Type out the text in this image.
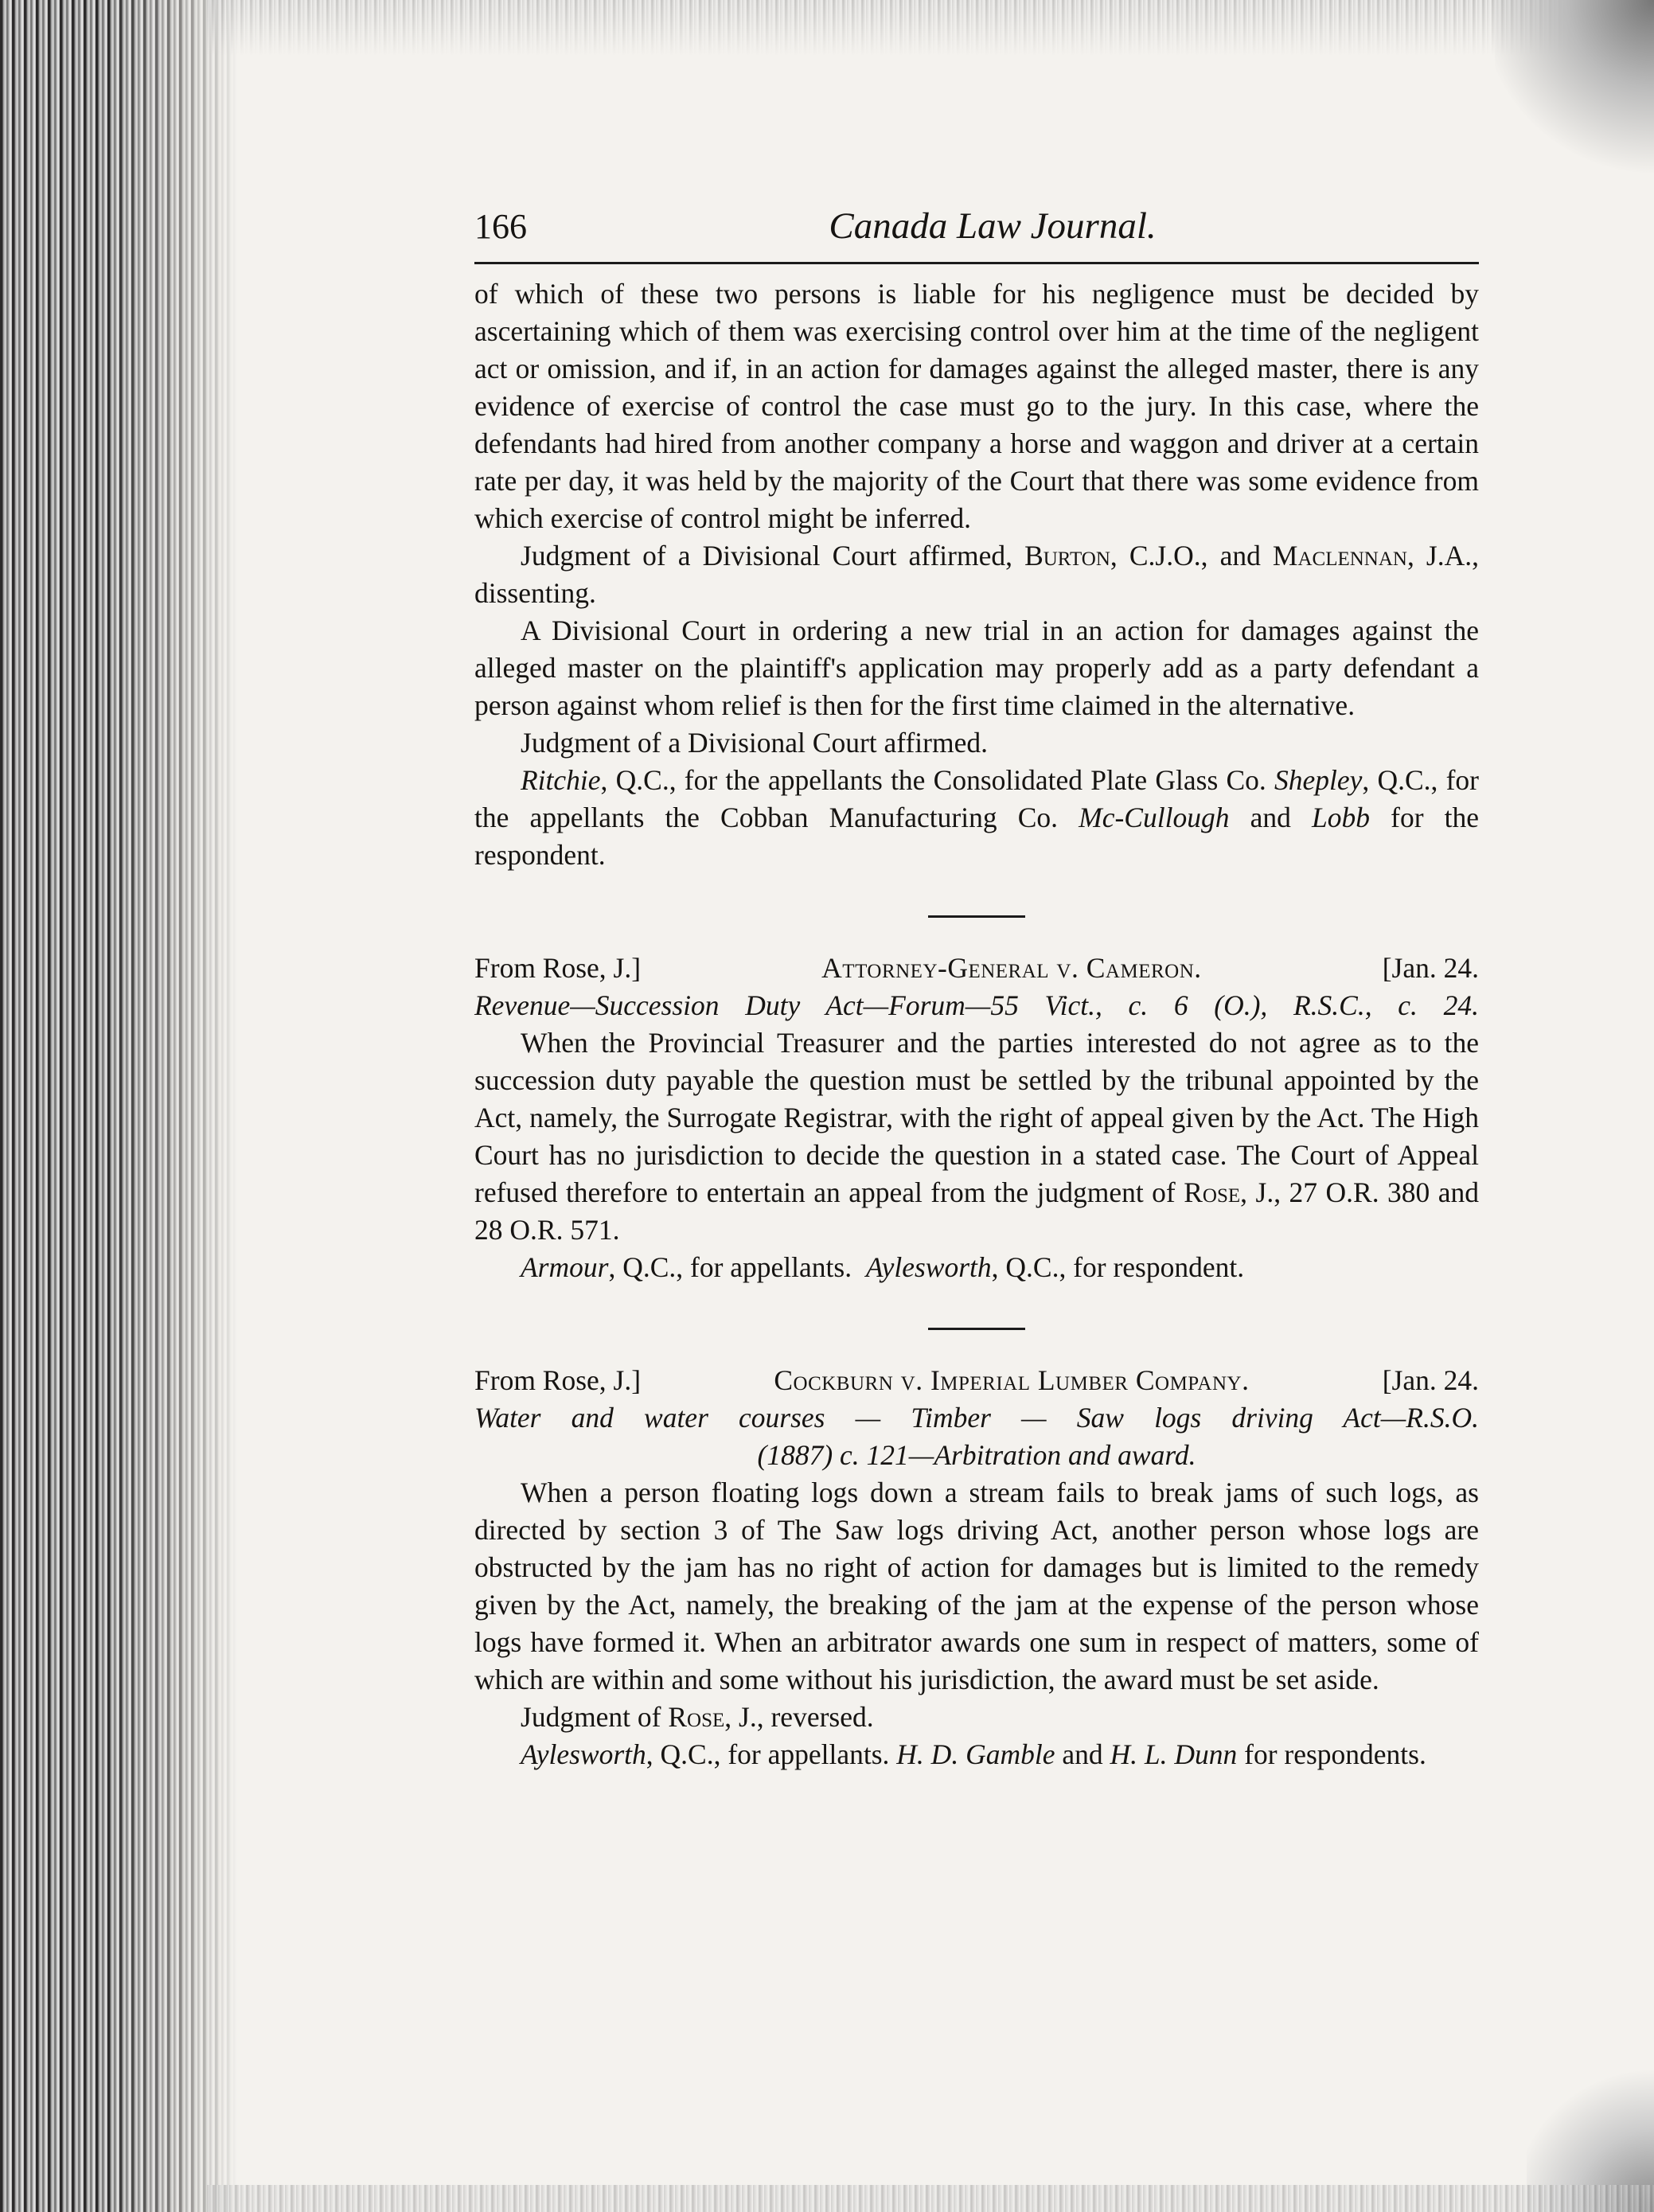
166	Canada Law Journal.

of which of these two persons is liable for his negligence must be decided by ascertaining which of them was exercising control over him at the time of the negligent act or omission, and if, in an action for damages against the alleged master, there is any evidence of exercise of control the case must go to the jury. In this case, where the defendants had hired from another company a horse and waggon and driver at a certain rate per day, it was held by the majority of the Court that there was some evidence from which exercise of control might be inferred.

Judgment of a Divisional Court affirmed, Burton, C.J.O., and Maclennan, J.A., dissenting.

A Divisional Court in ordering a new trial in an action for damages against the alleged master on the plaintiff's application may properly add as a party defendant a person against whom relief is then for the first time claimed in the alternative.

Judgment of a Divisional Court affirmed.

Ritchie, Q.C., for the appellants the Consolidated Plate Glass Co. Shepley, Q.C., for the appellants the Cobban Manufacturing Co. Mc-Cullough and Lobb for the respondent.

From Rose, J.]	Attorney-General v. Cameron.	[Jan. 24.

Revenue—Succession Duty Act—Forum—55 Vict., c. 6 (O.), R.S.C., c. 24.

When the Provincial Treasurer and the parties interested do not agree as to the succession duty payable the question must be settled by the tribunal appointed by the Act, namely, the Surrogate Registrar, with the right of appeal given by the Act. The High Court has no jurisdiction to decide the question in a stated case. The Court of Appeal refused therefore to entertain an appeal from the judgment of Rose, J., 27 O.R. 380 and 28 O.R. 571.

Armour, Q.C., for appellants. Aylesworth, Q.C., for respondent.

From Rose, J.]	Cockburn v. Imperial Lumber Company.	[Jan. 24.

Water and water courses — Timber — Saw logs driving Act—R.S.O.

(1887) c. 121—Arbitration and award.

When a person floating logs down a stream fails to break jams of such logs, as directed by section 3 of The Saw logs driving Act, another person whose logs are obstructed by the jam has no right of action for damages but is limited to the remedy given by the Act, namely, the breaking of the jam at the expense of the person whose logs have formed it. When an arbitrator awards one sum in respect of matters, some of which are within and some without his jurisdiction, the award must be set aside.

Judgment of Rose, J., reversed.

Aylesworth, Q.C., for appellants. H. D. Gamble and H. L. Dunn for respondents.
